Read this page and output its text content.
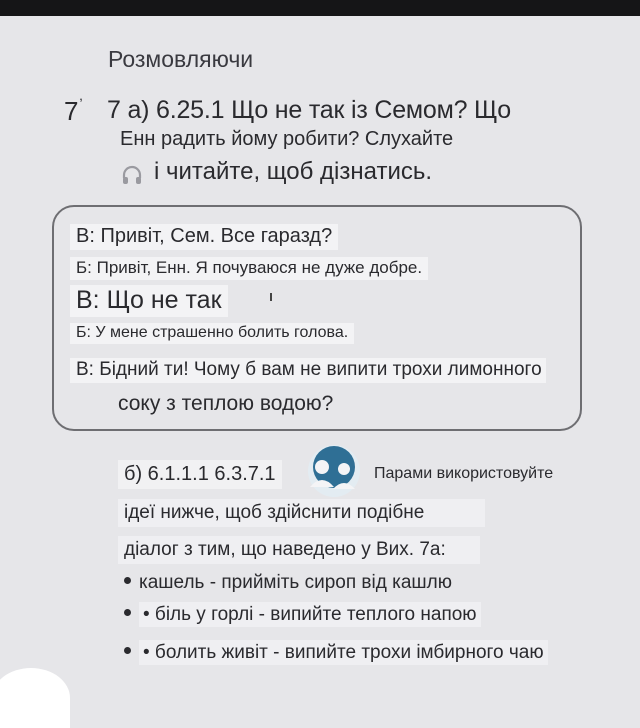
Розмовляючи
$7^ʼ$ 7 а) 6.25.1 Що не так із Семом? Що
Енн радить йому робити? Слухайте
і читайте, щоб дізнатись.
В: Привіт, Сем. Все гаразд?
Б: Привіт, Енн. Я почуваюся не дуже добре.
В: Що не так
Б: У мене страшенно болить голова.
В: Бідний ти! Чому б вам не випити трохи лимонного
соку з теплою водою?
б) 6.1.1.1 6.3.7.1	Парами використовуйте
ідеї нижче, щоб здійснити подібне
діалог з тим, що наведено у Вих. 7а:
кашель - прийміть сироп від кашлю
• біль у горлі - випийте теплого напою
• болить живіт - випийте трохи імбирного чаю
